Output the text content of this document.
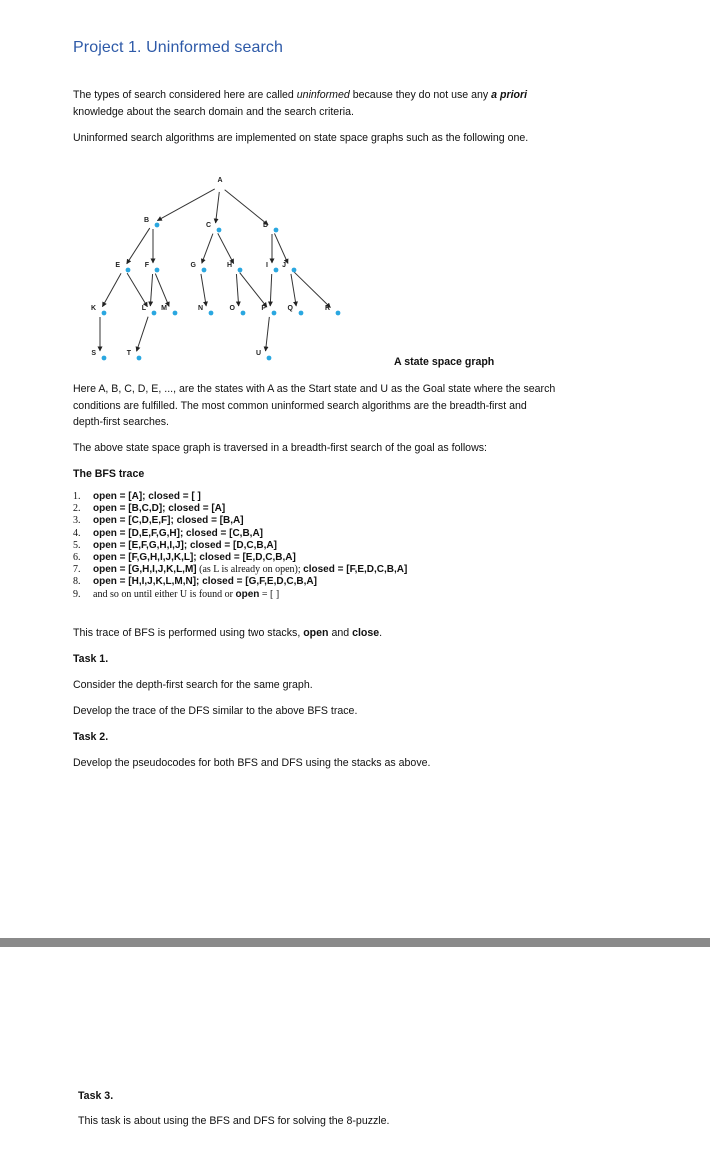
Project 1. Uninformed search
The types of search considered here are called uninformed because they do not use any a priori
knowledge about the search domain and the search criteria.
Uninformed search algorithms are implemented on state space graphs such as the following one.
A
B
C	D
E	F	G	H	I J
K	L M	N	O	P	Q	R
S	T	U
A state space graph
Here A, B, C, D, E, ..., are the states with A as the Start state and U as the Goal state where the search
conditions are fulfilled. The most common uninformed search algorithms are the breadth-first and
depth-first searches.
The above state space graph is traversed in a breadth-first search of the goal as follows:
The BFS trace
1. open = [A]; closed = [ ]
2. open = [B,C,D]; closed = [A]
3. open = [C,D,E,F]; closed = [B,A]
4. open = [D,E,F,G,H]; closed = [C,B,A]
5. open = [E,F,G,H,I,J]; closed = [D,C,B,A]
6. open = [F,G,H,I,J,K,L]; closed = [E,D,C,B,A]
7. open = [G,H,I,J,K,L,M] (as L is already on open); closed = [F,E,D,C,B,A]
8. open = [H,I,J,K,L,M,N]; closed = [G,F,E,D,C,B,A]
9. and so on until either U is found or open = [ ]
This trace of BFS is performed using two stacks, open and close.
Task 1.
Consider the depth-first search for the same graph.
Develop the trace of the DFS similar to the above BFS trace.
Task 2.
Develop the pseudocodes for both BFS and DFS using the stacks as above.
Task 3.
This task is about using the BFS and DFS for solving the 8-puzzle.
